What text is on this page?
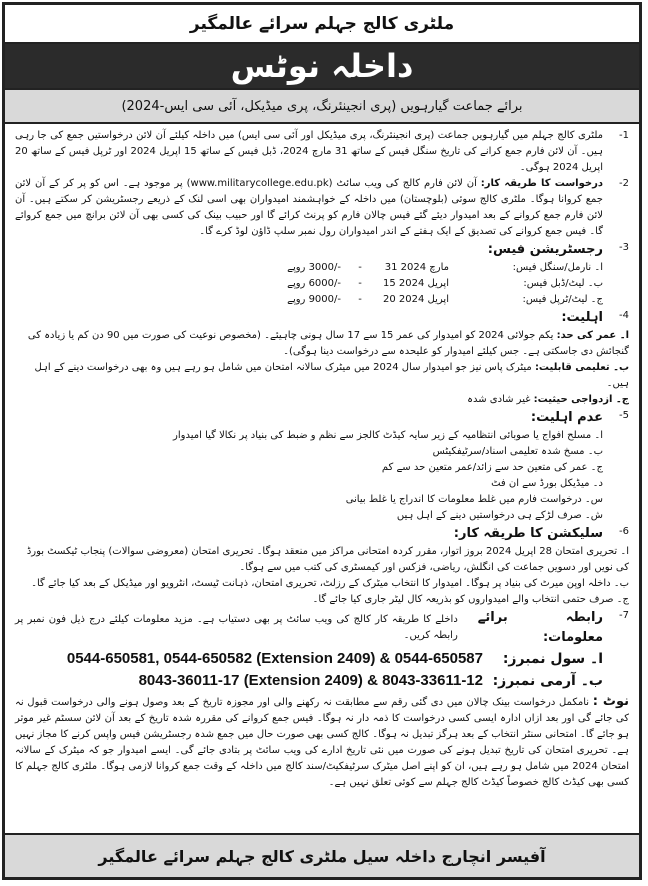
ملٹری کالج جہلم سرائے عالمگیر
داخلہ نوٹس
برائے جماعت گیارہویں (پری انجینئرنگ، پری میڈیکل، آئی سی ایس-2024)
-1
ملٹری کالج جہلم میں گیارہویں جماعت (پری انجینئرنگ، پری میڈیکل اور آئی سی ایس) میں داخلہ کیلئے آن لائن درخواستیں جمع کی جا رہی ہیں۔ آن لائن فارم جمع کرانے کی تاریخ سنگل فیس کے ساتھ 31 مارچ 2024، ڈبل فیس کے ساتھ 15 اپریل 2024 اور ٹرپل فیس کے ساتھ 20 اپریل 2024 ہوگی۔
-2
درخواست کا طریقہ کار: آن لائن فارم کالج کی ویب سائٹ (www.militarycollege.edu.pk) پر موجود ہے۔ اس کو پر کر کے آن لائن جمع کروانا ہوگا۔ ملٹری کالج سوئی (بلوچستان) میں داخلہ کے خواہشمند امیدواران بھی اسی لنک کے ذریعے رجسٹریشن کر سکتے ہیں۔ آن لائن فارم جمع کروانے کے بعد امیدوار دیئے گئے فیس چالان فارم کو پرنٹ کرائے گا اور حبیب بینک کی کسی بھی آن لائن برانچ میں جمع کروائے گا۔ فیس جمع کروانے کی تصدیق کے ایک ہفتے کے اندر امیدواران رول نمبر سلپ ڈاؤن لوڈ کرے گا۔
-3
رجسٹریشن فیس:
ا۔ نارمل/سنگل فیس:
31 مارچ 2024
-
-/3000 روپے
ب۔ لیٹ/ڈبل فیس:
15 اپریل 2024
-
-/6000 روپے
ج۔ لیٹ/ٹرپل فیس:
20 اپریل 2024
-
-/9000 روپے
-4
اہلیت:
ا۔ عمر کی حد: یکم جولائی 2024 کو امیدوار کی عمر 15 سے 17 سال ہونی چاہیئے۔ (مخصوص نوعیت کی صورت میں 90 دن کم یا زیادہ کی گنجائش دی جاسکتی ہے۔ جس کیلئے امیدوار کو علیحدہ سے درخواست دینا ہوگی)۔
ب۔ تعلیمی قابلیت: میٹرک پاس نیز جو امیدوار سال 2024 میں میٹرک سالانہ امتحان میں شامل ہو رہے ہیں وہ بھی درخواست دینے کے اہل ہیں۔
ج۔ ازدواجی حیثیت: غیر شادی شدہ
-5
عدم اہلیت:
ا۔ مسلح افواج یا صوبائی انتظامیہ کے زیر سایہ کیڈٹ کالجز سے نظم و ضبط کی بنیاد پر نکالا گیا امیدوار
ب۔ مسخ شدہ تعلیمی اسناد/سرٹیفکیٹس
ج۔ عمر کی متعین حد سے زائد/عمر متعین حد سے کم
د۔ میڈیکل بورڈ سے ان فٹ
س۔ درخواست فارم میں غلط معلومات کا اندراج یا غلط بیانی
ش۔ صرف لڑکے ہی درخواستیں دینے کے اہل ہیں
-6
سلیکشن کا طریقہ کار:
ا۔ تحریری امتحان 28 اپریل 2024 بروز اتوار، مقرر کردہ امتحانی مراکز میں منعقد ہوگا۔ تحریری امتحان (معروضی سوالات) پنجاب ٹیکسٹ بورڈ کی نویں اور دسویں جماعت کی انگلش، ریاضی، فزکس اور کیمسٹری کی کتب میں سے ہوگا۔
ب۔ داخلہ اوپن میرٹ کی بنیاد پر ہوگا۔ امیدوار کا انتخاب میٹرک کے رزلٹ، تحریری امتحان، ذہانت ٹیسٹ، انٹرویو اور میڈیکل کے بعد کیا جائے گا۔
ج۔ صرف حتمی انتخاب والے امیدواروں کو بذریعہ کال لیٹر جاری کیا جائے گا۔
-7
رابطہ برائے معلومات:
داخلے کا طریقہ کار کالج کی ویب سائٹ پر بھی دستیاب ہے۔ مزید معلومات کیلئے درج ذیل فون نمبر پر رابطہ کریں۔
ا۔ سول نمبرز:
0544-650581, 0544-650582 (Extension 2409) & 0544-650587
ب۔ آرمی نمبرز:
8043-36011-17 (Extension 2409) & 8043-33611-12
نوٹ : نامکمل درخواست بینک چالان میں دی گئی رقم سے مطابقت نہ رکھنے والی اور مجوزہ تاریخ کے بعد وصول ہونے والی درخواست قبول نہ کی جائے گی اور بعد ازاں ادارہ ایسی کسی درخواست کا ذمہ دار نہ ہوگا۔ فیس جمع کروانے کی مقررہ شدہ تاریخ کے بعد آن لائن سسٹم غیر موثر ہو جائے گا۔ امتحانی سنٹر انتخاب کے بعد ہرگز تبدیل نہ ہوگا۔ کالج کسی بھی صورت حال میں جمع شدہ رجسٹریشن فیس واپس کرنے کا مجاز نہیں ہے۔ تحریری امتحان کی تاریخ تبدیل ہونے کی صورت میں نئی تاریخ ادارے کی ویب سائٹ پر بتادی جائے گی۔ ایسے امیدوار جو کہ میٹرک کے سالانہ امتحان 2024 میں شامل ہو رہے ہیں، ان کو اپنے اصل میٹرک سرٹیفکیٹ/سند کالج میں داخلہ کے وقت جمع کروانا لازمی ہوگا۔ ملٹری کالج جہلم کا کسی بھی کیڈٹ کالج خصوصاً کیڈٹ کالج جہلم سے کوئی تعلق نہیں ہے۔
آفیسر انچارج داخلہ سیل ملٹری کالج جہلم سرائے عالمگیر
